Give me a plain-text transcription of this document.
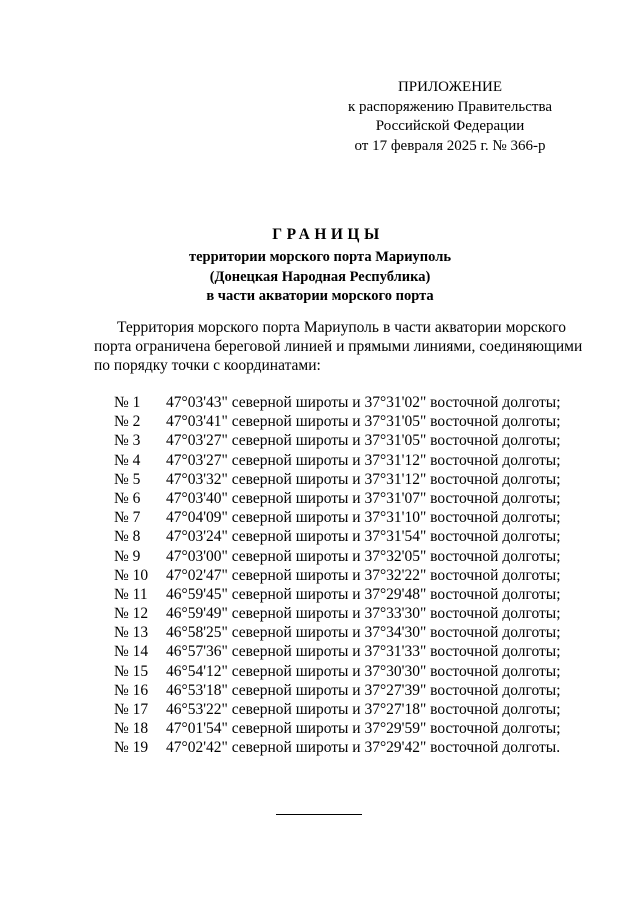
ПРИЛОЖЕНИЕ
к распоряжению Правительства
Российской Федерации
от 17 февраля 2025 г. № 366-р
ГРАНИЦЫ
территории морского порта Мариуполь
(Донецкая Народная Республика)
в части акватории морского порта
Территория морского порта Мариуполь в части акватории морского
порта ограничена береговой линией и прямыми линиями, соединяющими
по порядку точки с координатами:
№ 1 47°03'43" северной широты и 37°31'02" восточной долготы;
№ 2 47°03'41" северной широты и 37°31'05" восточной долготы;
№ 3 47°03'27" северной широты и 37°31'05" восточной долготы;
№ 4 47°03'27" северной широты и 37°31'12" восточной долготы;
№ 5 47°03'32" северной широты и 37°31'12" восточной долготы;
№ 6 47°03'40" северной широты и 37°31'07" восточной долготы;
№ 7 47°04'09" северной широты и 37°31'10" восточной долготы;
№ 8 47°03'24" северной широты и 37°31'54" восточной долготы;
№ 9 47°03'00" северной широты и 37°32'05" восточной долготы;
№ 10 47°02'47" северной широты и 37°32'22" восточной долготы;
№ 11 46°59'45" северной широты и 37°29'48" восточной долготы;
№ 12 46°59'49" северной широты и 37°33'30" восточной долготы;
№ 13 46°58'25" северной широты и 37°34'30" восточной долготы;
№ 14 46°57'36" северной широты и 37°31'33" восточной долготы;
№ 15 46°54'12" северной широты и 37°30'30" восточной долготы;
№ 16 46°53'18" северной широты и 37°27'39" восточной долготы;
№ 17 46°53'22" северной широты и 37°27'18" восточной долготы;
№ 18 47°01'54" северной широты и 37°29'59" восточной долготы;
№ 19 47°02'42" северной широты и 37°29'42" восточной долготы.
